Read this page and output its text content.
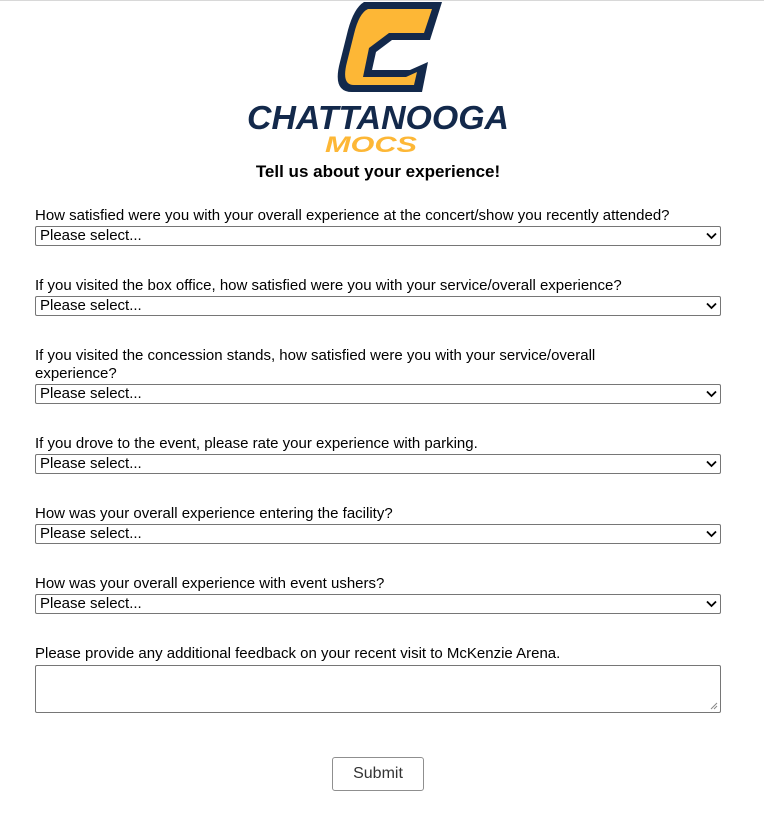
CHATTANOOGA
MOCS
Tell us about your experience!

How satisfied were you with your overall experience at the concert/show you recently attended?

Please select...

If you visited the box office, how satisfied were you with your service/overall experience?

Please select...

If you visited the concession stands, how satisfied were you with your service/overall experience?

Please select...

If you drove to the event, please rate your experience with parking.

Please select...

How was your overall experience entering the facility?

Please select...

How was your overall experience with event ushers?

Please select...

Please provide any additional feedback on your recent visit to McKenzie Arena.

Submit
